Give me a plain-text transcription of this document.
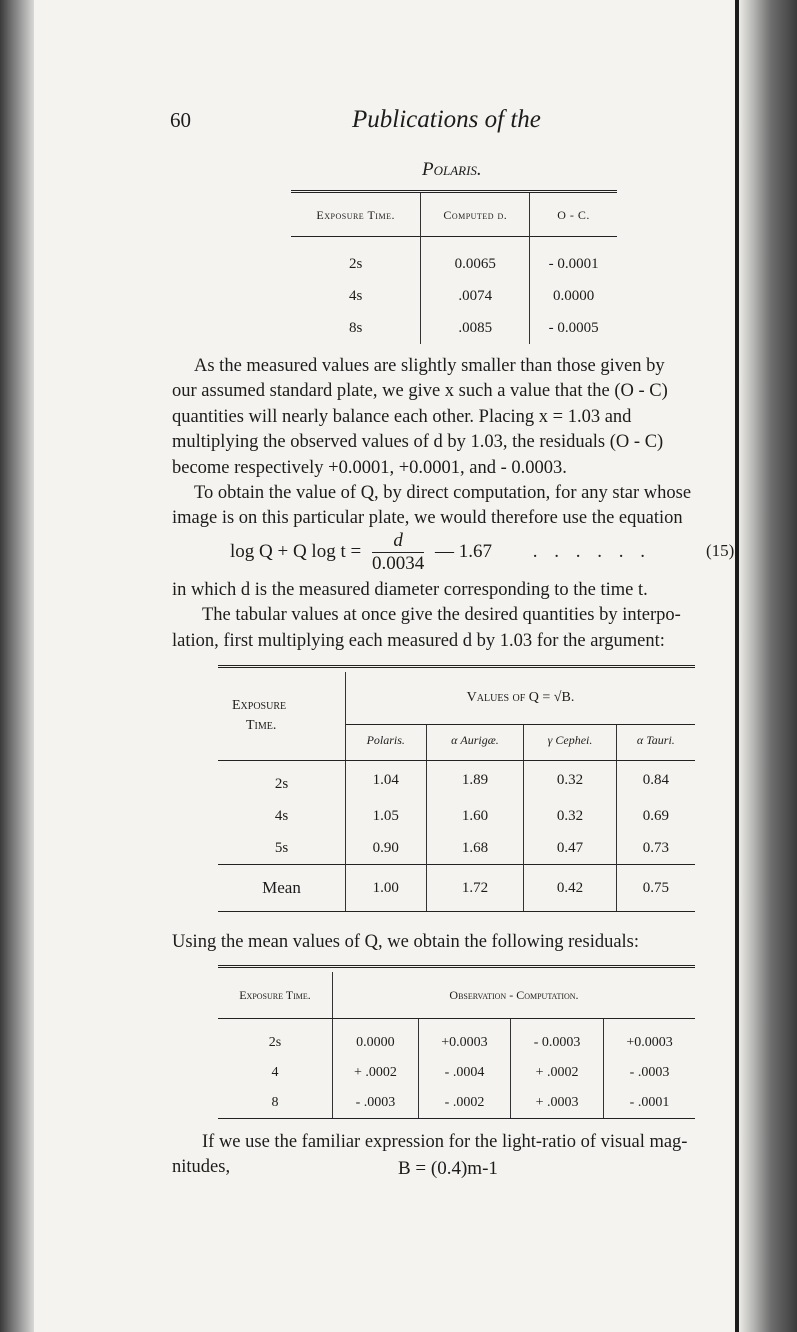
60	Publications of the
Polaris.
Exposure Time.	Computed d.	O - C.
2s	0.0065	- 0.0001
4s	.0074	0.0000
8s	.0085	- 0.0005
As the measured values are slightly smaller than those given by
our assumed standard plate, we give x such a value that the (O - C)
quantities will nearly balance each other. Placing x = 1.03 and
multiplying the observed values of d by 1.03, the residuals (O - C)
become respectively +0.0001, +0.0001, and - 0.0003.
To obtain the value of Q, by direct computation, for any star whose
image is on this particular plate, we would therefore use the equation
log Q + Q $\log t = \frac{d}{0.0034}$ — 1.67 . . . . . .	(15)
in which d is the measured diameter corresponding to the time t.
The tabular values at once give the desired quantities by interpo-
lation, first multiplying each measured d by 1.03 for the argument:

Exposure
Time.	Values of Q = √B.			
	Polaris.	α Aurigæ.	γ Cephei.	α Tauri.
2s	1.04	1.89	0.32	0.84
4s	1.05	1.60	0.32	0.69
5s	0.90	1.68	0.47	0.73
Mean	1.00	1.72	0.42	0.75
Using the mean values of Q, we obtain the following residuals:

Exposure Time.	Observation - Computation.			
2s	0.0000	+0.0003	- 0.0003	+0.0003
4	+ .0002	- .0004	+ .0002	- .0003
8	- .0003	- .0002	+ .0003	- .0001
If we use the familiar expression for the light-ratio of visual mag-
nitudes,	B = (0.4)m-1
